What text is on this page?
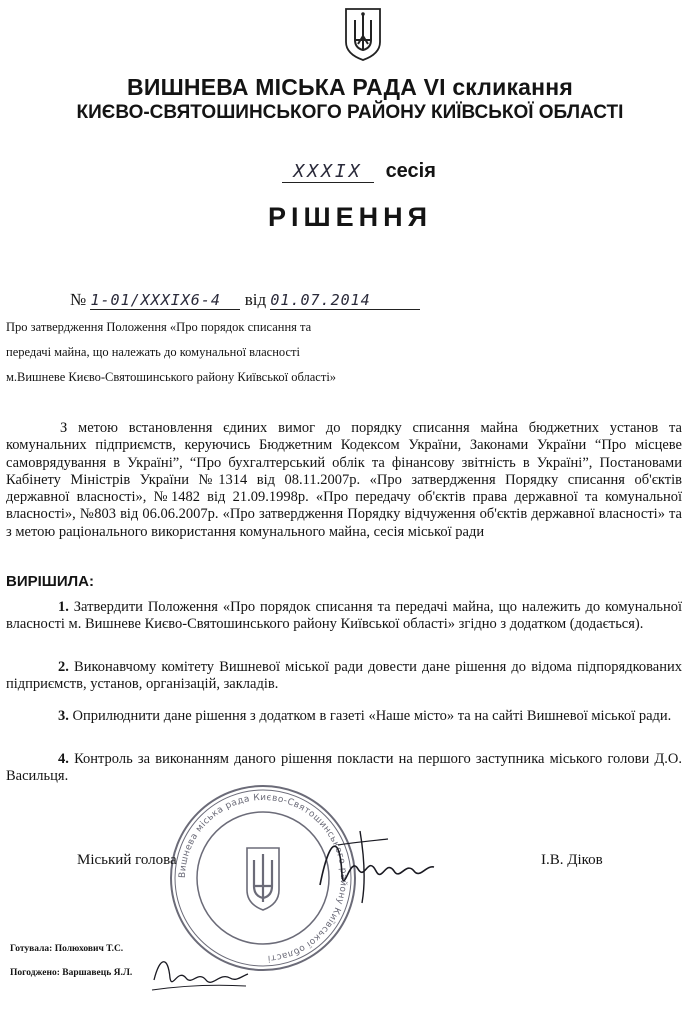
ВИШНЕВА МІСЬКА РАДА VI скликання
КИЄВО-СВЯТОШИНСЬКОГО РАЙОНУ КИЇВСЬКОЇ ОБЛАСТІ
XXXIX сесія
РІШЕННЯ
№ 1-01/XXXIX6-4 від 01.07.2014
Про затвердження Положення «Про порядок списання та
передачі майна, що належать до комунальної власності
м.Вишневе Києво-Святошинського району Київської області»

З метою встановлення єдиних вимог до порядку списання майна бюджетних установ та комунальних підприємств, керуючись Бюджетним Кодексом України, Законами України “Про місцеве самоврядування в Україні”, “Про бухгалтерський облік та фінансову звітність в Україні”, Постановами Кабінету Міністрів України №1314 від 08.11.2007р. «Про затвердження Порядку списання об'єктів державної власності», №1482 від 21.09.1998р. «Про передачу об'єктів права державної та комунальної власності», №803 від 06.06.2007р. «Про затвердження Порядку відчуження об'єктів державної власності» та з метою раціонального використання комунального майна, сесія міської ради

ВИРІШИЛА:

1. Затвердити Положення «Про порядок списання та передачі майна, що належить до комунальної власності м. Вишневе Києво-Святошинського району Київської області» згідно з додатком (додається).

2. Виконавчому комітету Вишневої міської ради довести дане рішення до відома підпорядкованих підприємств, установ, організацій, закладів.

3. Оприлюднити дане рішення з додатком в газеті «Наше місто» та на сайті Вишневої міської ради.

4. Контроль за виконанням даного рішення покласти на першого заступника міського голови Д.О. Васильця.

Вишнева міська рада Києво-Святошинського району Київської області
Міський голова	І.В. Діков
Готувала: Полюхович Т.С.
Погоджено: Варшавець Я.Л.
